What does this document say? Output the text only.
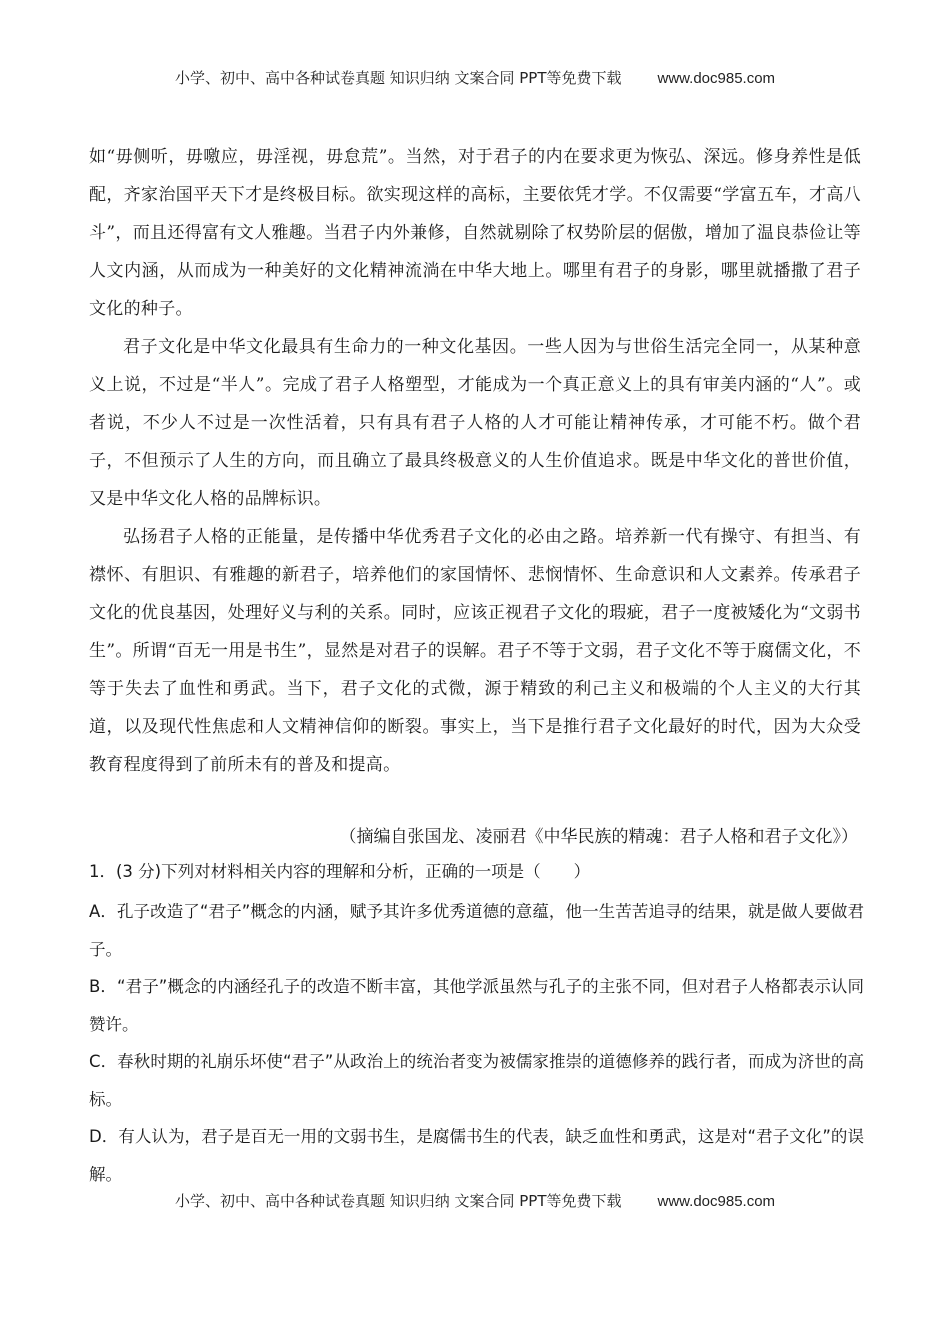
小学、初中、高中各种试卷真题 知识归纳 文案合同 PPT等免费下载 www.doc985.com

如“毋侧听，毋噭应，毋淫视，毋怠荒”。当然，对于君子的内在要求更为恢弘、深远。修身养性是低配，齐家治国平天下才是终极目标。欲实现这样的高标，主要依凭才学。不仅需要“学富五车，才高八斗”，而且还得富有文人雅趣。当君子内外兼修，自然就剔除了权势阶层的倨傲，增加了温良恭俭让等人文内涵，从而成为一种美好的文化精神流淌在中华大地上。哪里有君子的身影，哪里就播撒了君子文化的种子。

君子文化是中华文化最具有生命力的一种文化基因。一些人因为与世俗生活完全同一，从某种意义上说，不过是“半人”。完成了君子人格塑型，才能成为一个真正意义上的具有审美内涵的“人”。或者说，不少人不过是一次性活着，只有具有君子人格的人才可能让精神传承，才可能不朽。做个君子，不但预示了人生的方向，而且确立了最具终极意义的人生价值追求。既是中华文化的普世价值，又是中华文化人格的品牌标识。

弘扬君子人格的正能量，是传播中华优秀君子文化的必由之路。培养新一代有操守、有担当、有襟怀、有胆识、有雅趣的新君子，培养他们的家国情怀、悲悯情怀、生命意识和人文素养。传承君子文化的优良基因，处理好义与利的关系。同时，应该正视君子文化的瑕疵，君子一度被矮化为“文弱书生”。所谓“百无一用是书生”，显然是对君子的误解。君子不等于文弱，君子文化不等于腐儒文化，不等于失去了血性和勇武。当下，君子文化的式微，源于精致的利己主义和极端的个人主义的大行其道，以及现代性焦虑和人文精神信仰的断裂。事实上，当下是推行君子文化最好的时代，因为大众受教育程度得到了前所未有的普及和提高。

（摘编自张国龙、凌丽君《中华民族的精魂：君子人格和君子文化》）

1．(3 分)下列对材料相关内容的理解和分析，正确的一项是（　　）

A．孔子改造了“君子”概念的内涵，赋予其许多优秀道德的意蕴，他一生苦苦追寻的结果，就是做人要做君子。

B．“君子”概念的内涵经孔子的改造不断丰富，其他学派虽然与孔子的主张不同，但对君子人格都表示认同赞许。

C．春秋时期的礼崩乐坏使“君子”从政治上的统治者变为被儒家推崇的道德修养的践行者，而成为济世的高标。

D．有人认为，君子是百无一用的文弱书生，是腐儒书生的代表，缺乏血性和勇武，这是对“君子文化”的误解。

小学、初中、高中各种试卷真题 知识归纳 文案合同 PPT等免费下载 www.doc985.com
